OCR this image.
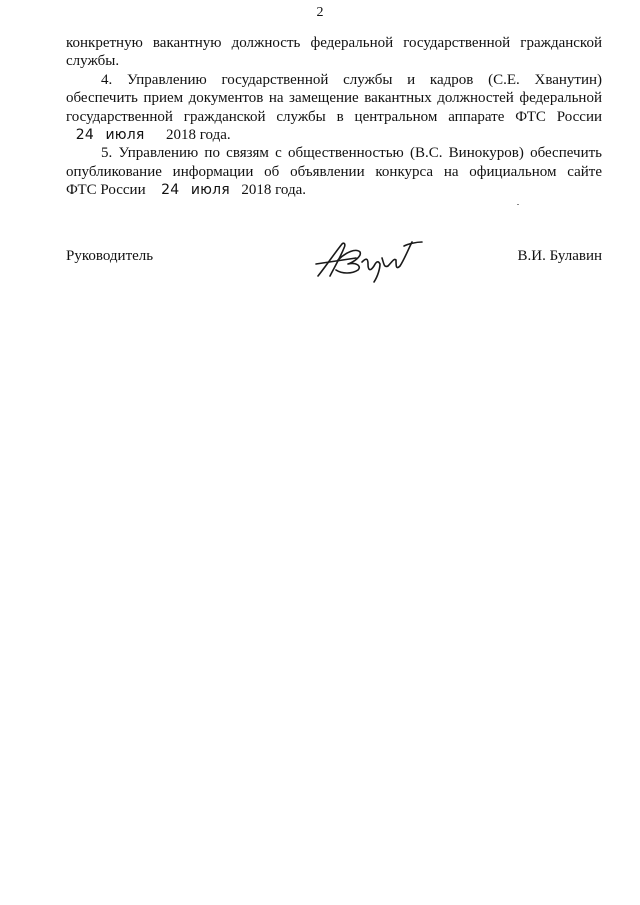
2

конкретную вакантную должность федеральной государственной гражданской
службы.

4. Управлению государственной службы и кадров (С.Е. Хванутин)
обеспечить прием документов на замещение вакантных должностей федеральной
государственной гражданской службы в центральном аппарате ФТС России
24 июля 2018 года.

5. Управлению по связям с общественностью (В.С. Винокуров) обеспечить
опубликование информации об объявлении конкурса на официальном сайте
ФТС России 24 июля 2018 года.

Руководитель	В.И. Булавин
